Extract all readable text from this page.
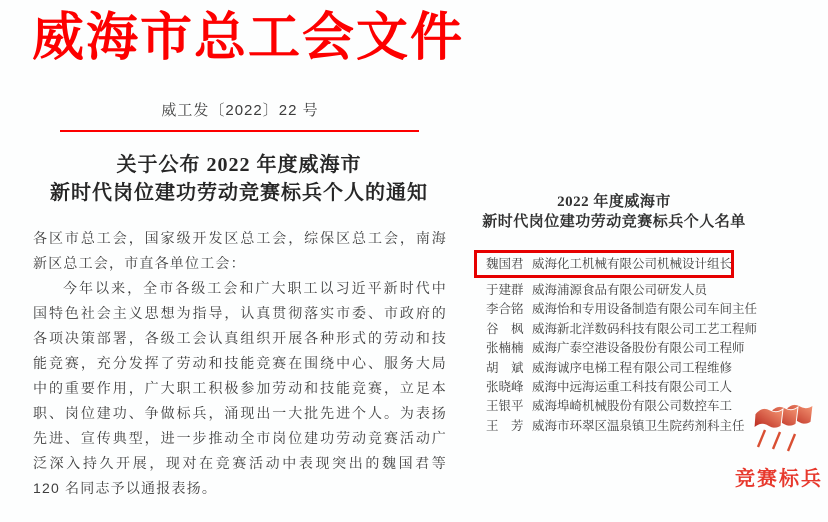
威海市总工会文件
威工发〔2022〕22 号
关于公布 2022 年度威海市
新时代岗位建功劳动竞赛标兵个人的通知
各区市总工会，国家级开发区总工会，综保区总工会，南海
新区总工会，市直各单位工会：
今年以来，全市各级工会和广大职工以习近平新时代中
国特色社会主义思想为指导，认真贯彻落实市委、市政府的
各项决策部署，各级工会认真组织开展各种形式的劳动和技
能竞赛，充分发挥了劳动和技能竞赛在围绕中心、服务大局
中的重要作用，广大职工积极参加劳动和技能竞赛，立足本
职、岗位建功、争做标兵，涌现出一大批先进个人。为表扬
先进、宣传典型，进一步推动全市岗位建功劳动竞赛活动广
泛深入持久开展，现对在竞赛活动中表现突出的魏国君等
120 名同志予以通报表扬。
2022 年度威海市
新时代岗位建功劳动竞赛标兵个人名单
魏国君 威海化工机械有限公司机械设计组长
于建群 威海浦源食品有限公司研发人员
李合铭 威海怡和专用设备制造有限公司车间主任
谷　枫 威海新北洋数码科技有限公司工艺工程师
张楠楠 威海广泰空港设备股份有限公司工程师
胡　斌 威海诚序电梯工程有限公司工程维修
张晓峰 威海中远海运重工科技有限公司工人
王银平 威海埠崎机械股份有限公司数控车工
王　芳 威海市环翠区温泉镇卫生院药剂科主任
竞赛标兵
